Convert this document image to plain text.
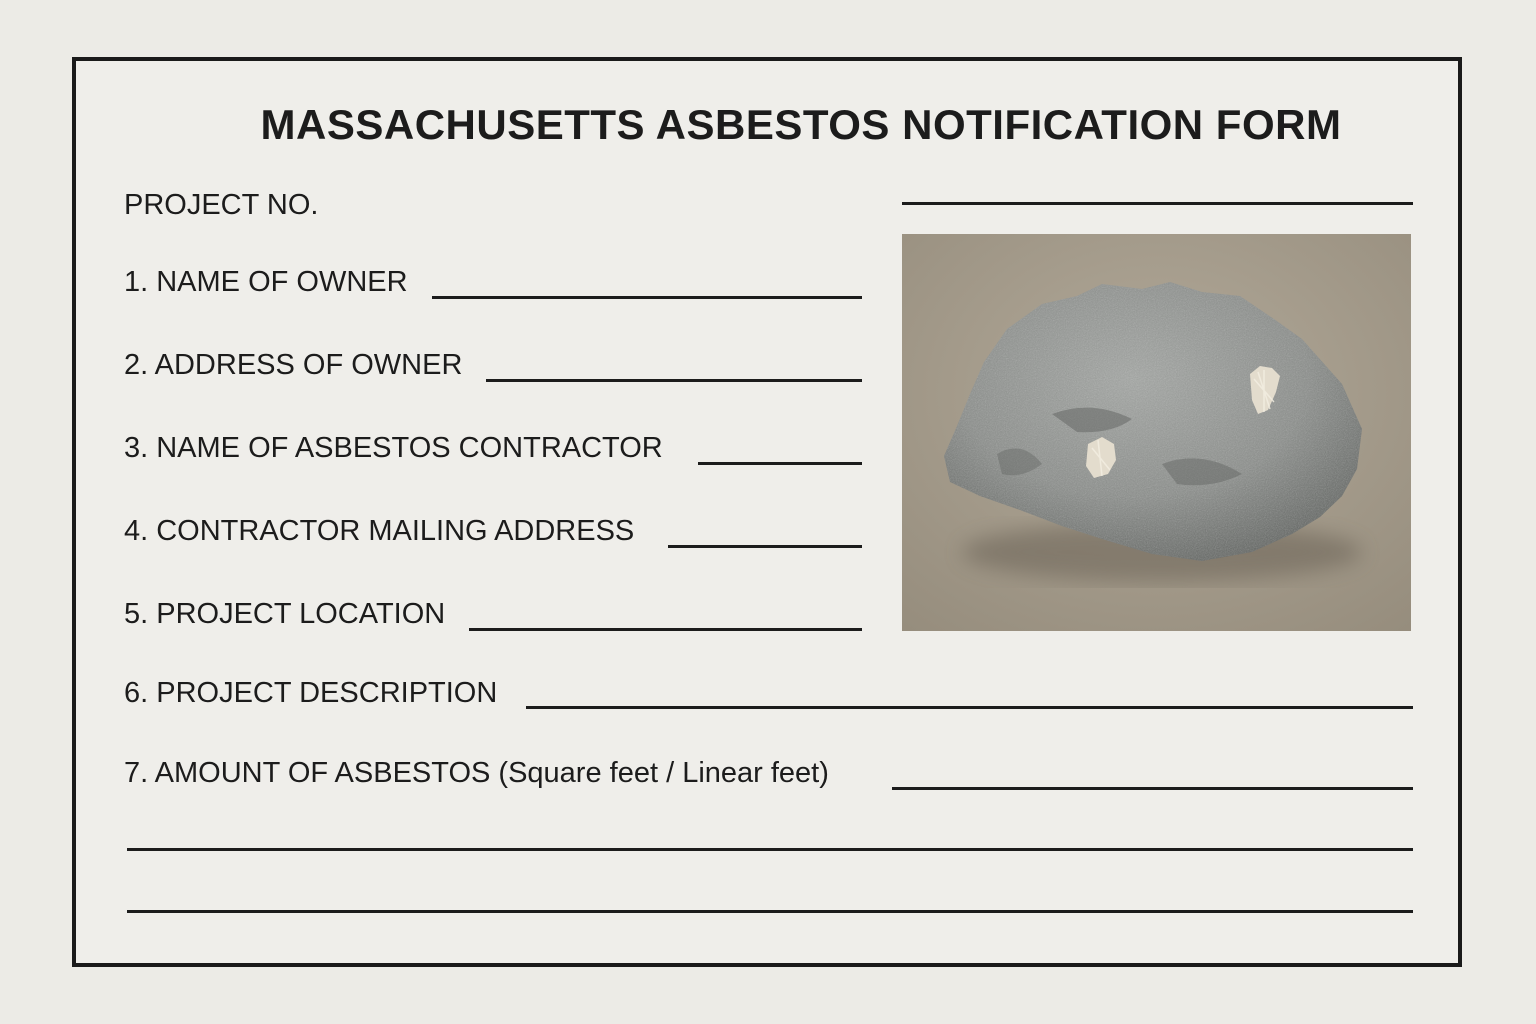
MASSACHUSETTS ASBESTOS NOTIFICATION FORM
PROJECT NO.
1. NAME OF OWNER
2. ADDRESS OF OWNER
3. NAME OF ASBESTOS CONTRACTOR
4. CONTRACTOR MAILING ADDRESS
5. PROJECT LOCATION
6. PROJECT DESCRIPTION
7. AMOUNT OF ASBESTOS (Square feet / Linear feet)
